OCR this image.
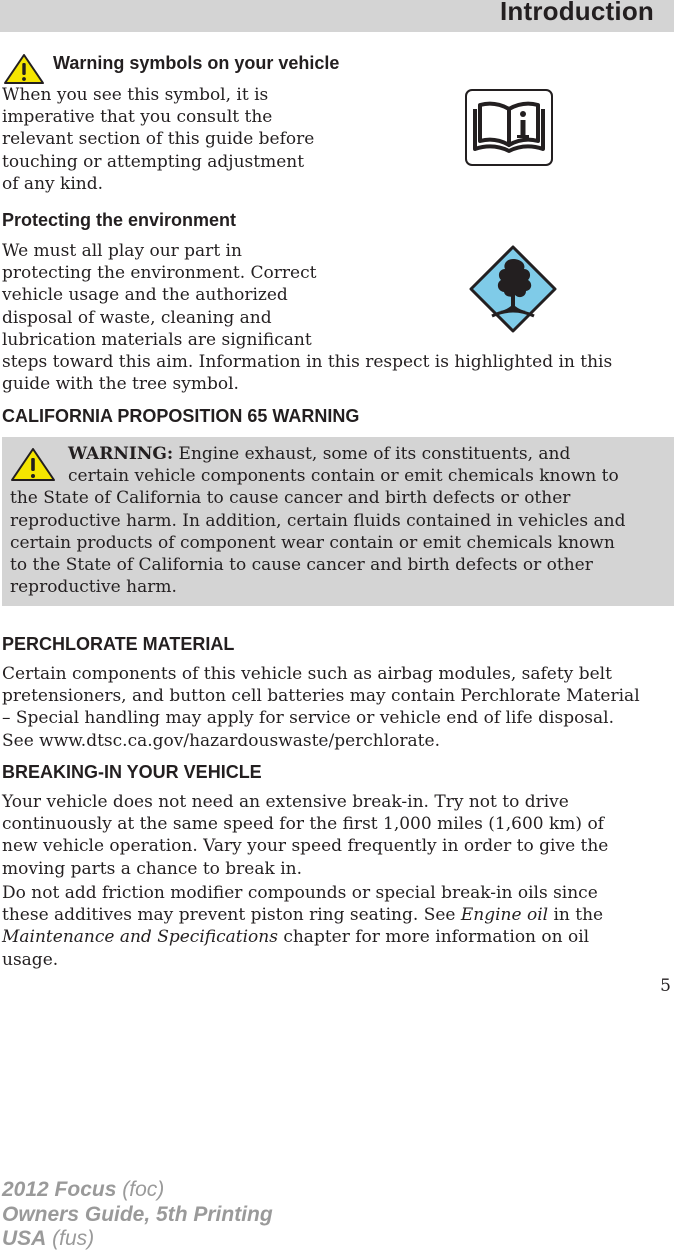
Introduction
Warning symbols on your vehicle
When you see this symbol, it is
imperative that you consult the
relevant section of this guide before
touching or attempting adjustment
of any kind.
Protecting the environment
We must all play our part in
protecting the environment. Correct
vehicle usage and the authorized
disposal of waste, cleaning and
lubrication materials are significant
steps toward this aim. Information in this respect is highlighted in this
guide with the tree symbol.
CALIFORNIA PROPOSITION 65 WARNING

WARNING: Engine exhaust, some of its constituents, and
certain vehicle components contain or emit chemicals known to
the State of California to cause cancer and birth defects or other
reproductive harm. In addition, certain fluids contained in vehicles and
certain products of component wear contain or emit chemicals known
to the State of California to cause cancer and birth defects or other
reproductive harm.

PERCHLORATE MATERIAL
Certain components of this vehicle such as airbag modules, safety belt
pretensioners, and button cell batteries may contain Perchlorate Material
– Special handling may apply for service or vehicle end of life disposal.
See www.dtsc.ca.gov/hazardouswaste/perchlorate.
BREAKING-IN YOUR VEHICLE
Your vehicle does not need an extensive break-in. Try not to drive
continuously at the same speed for the first 1,000 miles (1,600 km) of
new vehicle operation. Vary your speed frequently in order to give the
moving parts a chance to break in.
Do not add friction modifier compounds or special break-in oils since
these additives may prevent piston ring seating. See Engine oil in the
Maintenance and Specifications chapter for more information on oil
usage.
5
2012 Focus (foc)
Owners Guide, 5th Printing
USA (fus)
